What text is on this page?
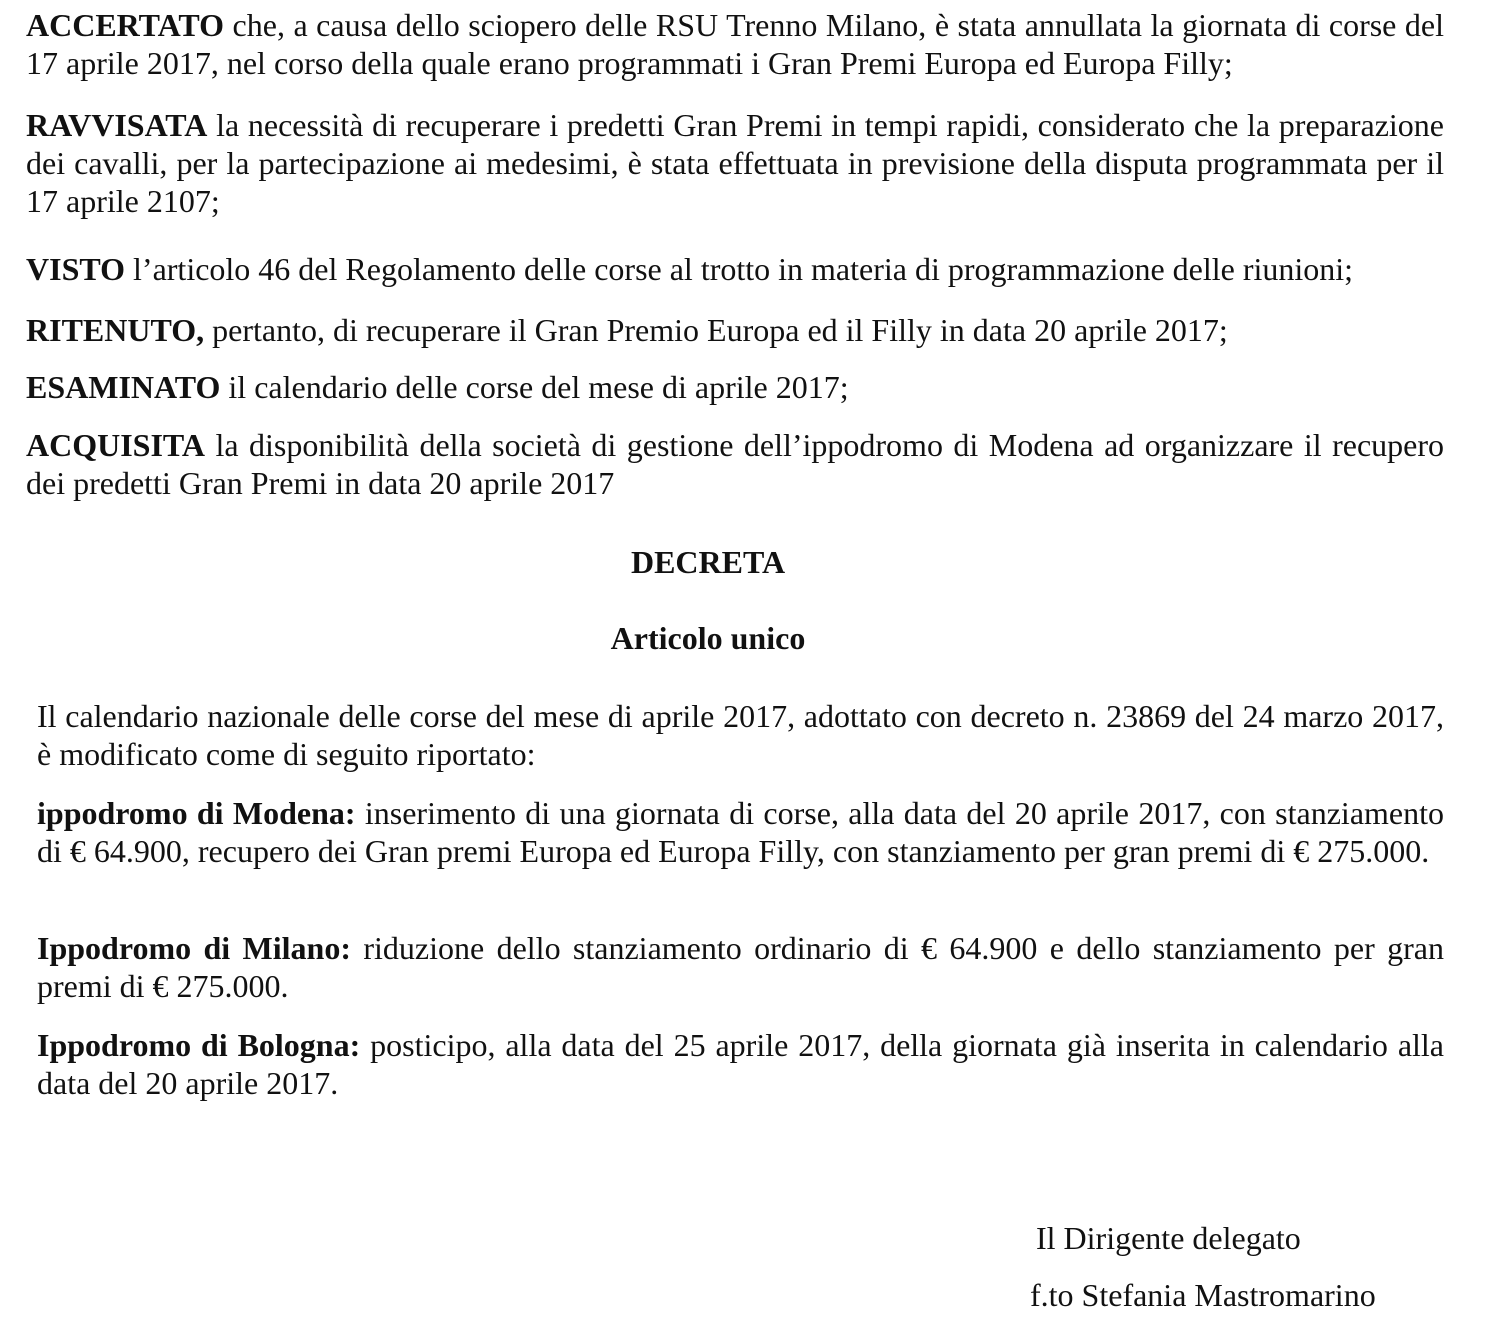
ACCERTATO che, a causa dello sciopero delle RSU Trenno Milano, è stata annullata la giornata di corse del 17 aprile 2017, nel corso della quale erano programmati i Gran Premi Europa ed Europa Filly;

RAVVISATA la necessità di recuperare i predetti Gran Premi in tempi rapidi, considerato che la preparazione dei cavalli, per la partecipazione ai medesimi, è stata effettuata in previsione della disputa programmata per il 17 aprile 2107;

VISTO l’articolo 46 del Regolamento delle corse al trotto in materia di programmazione delle riunioni;

RITENUTO, pertanto, di recuperare il Gran Premio Europa ed il Filly in data 20 aprile 2017;

ESAMINATO il calendario delle corse del mese di aprile 2017;

ACQUISITA la disponibilità della società di gestione dell’ippodromo di Modena ad organizzare il recupero dei predetti Gran Premi in data 20 aprile 2017

DECRETA
Articolo unico

Il calendario nazionale delle corse del mese di aprile 2017, adottato con decreto n. 23869 del 24 marzo 2017, è modificato come di seguito riportato:

ippodromo di Modena: inserimento di una giornata di corse, alla data del 20 aprile 2017, con stanziamento di € 64.900, recupero dei Gran premi Europa ed Europa Filly, con stanziamento per gran premi di € 275.000.

Ippodromo di Milano: riduzione dello stanziamento ordinario di € 64.900 e dello stanziamento per gran premi di € 275.000.

Ippodromo di Bologna: posticipo, alla data del 25 aprile 2017, della giornata già inserita in calendario alla data del 20 aprile 2017.

Il Dirigente delegato

f.to Stefania Mastromarino
